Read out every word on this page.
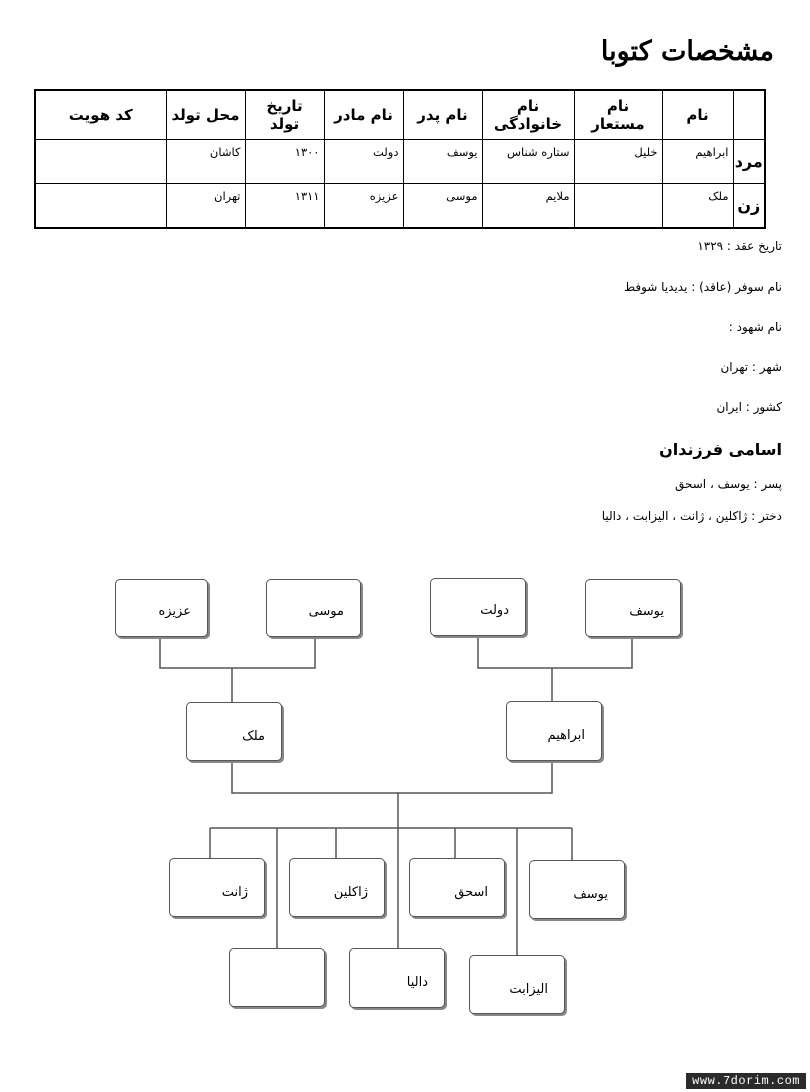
مشخصات کتوبا
	نام	نام مستعار	نام خانوادگی	نام پدر	نام مادر	تاریخ تولد	محل تولد	کد هویت
مرد	ابراهیم	خلیل	ستاره شناس	یوسف	دولت	۱۳۰۰	کاشان	
زن	ملک		ملایم	موسی	عزیزه	۱۳۱۱	تهران	
تاریخ عقد : ۱۳۲۹
نام سوفر (عاقد) : یدیدیا شوفط
نام شهود :
شهر : تهران
کشور : ایران
اسامی فرزندان
پسر : یوسف ، اسحق
دختر : ژاکلین ، ژانت ، الیزابت ، دالیا
عزیزه	موسی	دولت	یوسف
ملک	ابراهیم
ژانت	ژاکلین	اسحق	یوسف
دالیا	الیزابت
www.7dorim.com
